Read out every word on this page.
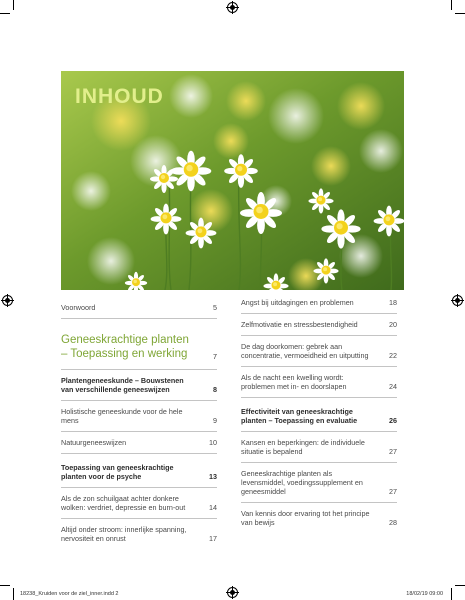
INHOUD
Voorwoord	5
Geneeskrachtige planten – Toepassing en werking	7
Plantengeneeskunde – Bouwstenen van verschillende geneeswijzen	8
Holistische geneeskunde voor de hele mens	9
Natuurgeneeswijzen	10
Toepassing van geneeskrachtige planten voor de psyche	13
Als de zon schuilgaat achter donkere wolken: verdriet, depressie en burn-out	14
Altijd onder stroom: innerlijke spanning, nervositeit en onrust	17
Angst bij uitdagingen en problemen	18
Zelfmotivatie en stressbestendigheid	20
De dag doorkomen: gebrek aan concentratie, vermoeidheid en uitputting	22
Als de nacht een kwelling wordt: problemen met in- en doorslapen	24
Effectiviteit van geneeskrachtige planten – Toepassing en evaluatie	26
Kansen en beperkingen: de individuele situatie is bepalend	27
Geneeskrachtige planten als levensmiddel, voedingssupplement en geneesmiddel	27
Van kennis door ervaring tot het principe van bewijs	28
18238_Kruiden voor de ziel_inner.indd 2	18/02/19 09:00
